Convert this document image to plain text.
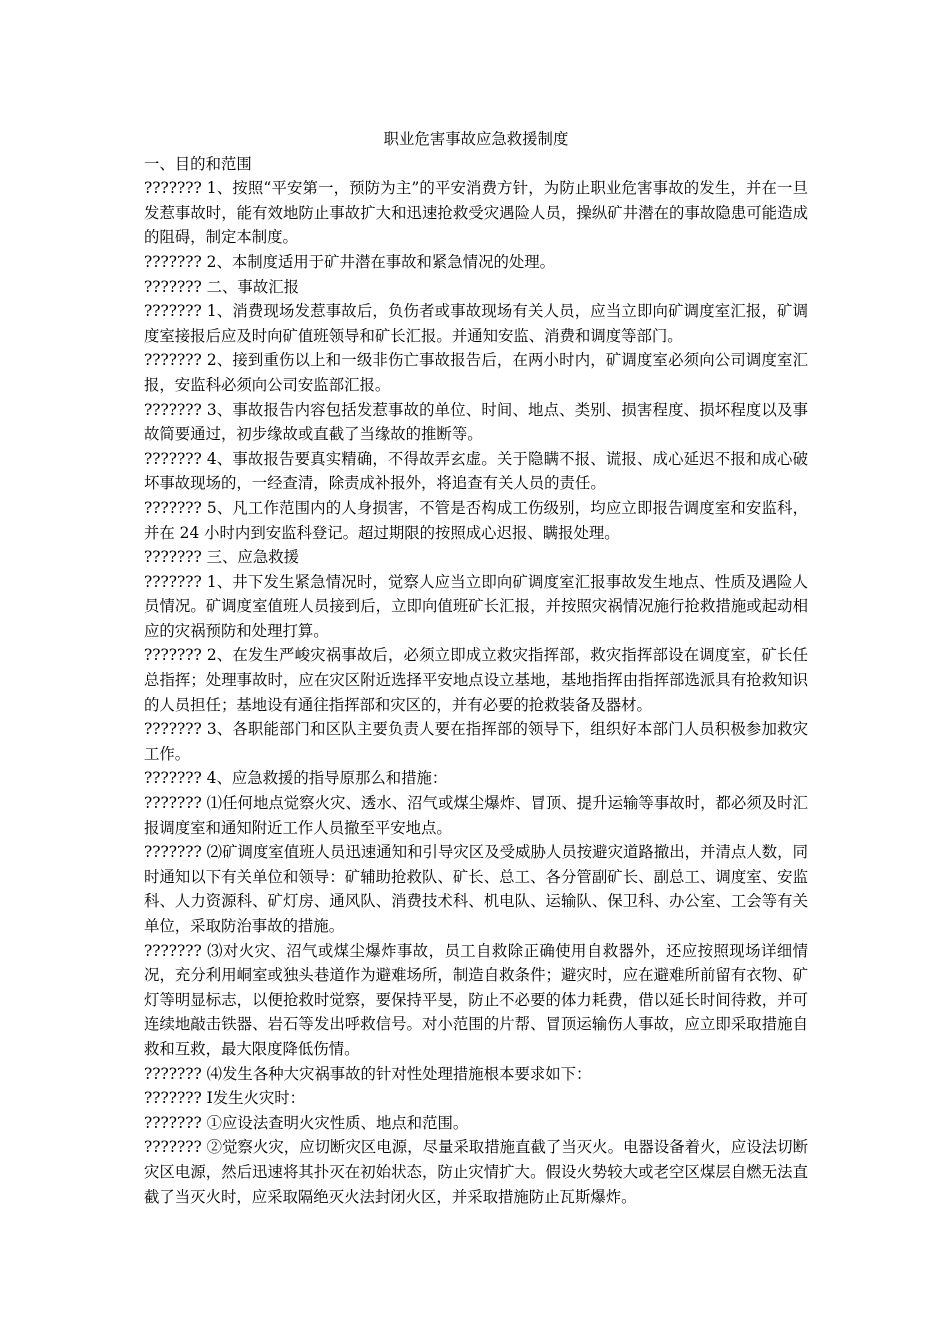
职业危害事故应急救援制度

一、目的和范围

??????? 1、按照“平安第一，预防为主”的平安消费方针，为防止职业危害事故的发生，并在一旦发惹事故时，能有效地防止事故扩大和迅速抢救受灾遇险人员，操纵矿井潜在的事故隐患可能造成的阻碍，制定本制度。

??????? 2、本制度适用于矿井潜在事故和紧急情况的处理。

??????? 二、事故汇报

??????? 1、消费现场发惹事故后，负伤者或事故现场有关人员，应当立即向矿调度室汇报，矿调度室接报后应及时向矿值班领导和矿长汇报。并通知安监、消费和调度等部门。

??????? 2、接到重伤以上和一级非伤亡事故报告后，在两小时内，矿调度室必须向公司调度室汇报，安监科必须向公司安监部汇报。

??????? 3、事故报告内容包括发惹事故的单位、时间、地点、类别、损害程度、损坏程度以及事故简要通过，初步缘故或直截了当缘故的推断等。

??????? 4、事故报告要真实精确，不得故弄玄虚。关于隐瞒不报、谎报、成心延迟不报和成心破坏事故现场的，一经查清，除责成补报外，将追查有关人员的责任。

??????? 5、凡工作范围内的人身损害，不管是否构成工伤级别，均应立即报告调度室和安监科，并在 24 小时内到安监科登记。超过期限的按照成心迟报、瞒报处理。

??????? 三、应急救援

??????? 1、井下发生紧急情况时，觉察人应当立即向矿调度室汇报事故发生地点、性质及遇险人员情况。矿调度室值班人员接到后，立即向值班矿长汇报，并按照灾祸情况施行抢救措施或起动相应的灾祸预防和处理打算。

??????? 2、在发生严峻灾祸事故后，必须立即成立救灾指挥部，救灾指挥部设在调度室，矿长任总指挥；处理事故时，应在灾区附近选择平安地点设立基地，基地指挥由指挥部选派具有抢救知识的人员担任；基地设有通往指挥部和灾区的，并有必要的抢救装备及器材。

??????? 3、各职能部门和区队主要负责人要在指挥部的领导下，组织好本部门人员积极参加救灾工作。

??????? 4、应急救援的指导原那么和措施：

??????? ⑴任何地点觉察火灾、透水、沼气或煤尘爆炸、冒顶、提升运输等事故时，都必须及时汇报调度室和通知附近工作人员撤至平安地点。

??????? ⑵矿调度室值班人员迅速通知和引导灾区及受威胁人员按避灾道路撤出，并清点人数，同时通知以下有关单位和领导：矿辅助抢救队、矿长、总工、各分管副矿长、副总工、调度室、安监科、人力资源科、矿灯房、通风队、消费技术科、机电队、运输队、保卫科、办公室、工会等有关单位，采取防治事故的措施。

??????? ⑶对火灾、沼气或煤尘爆炸事故，员工自救除正确使用自救器外，还应按照现场详细情况，充分利用峒室或独头巷道作为避难场所，制造自救条件；避灾时，应在避难所前留有衣物、矿灯等明显标志，以便抢救时觉察，要保持平旻，防止不必要的体力耗费，借以延长时间待救，并可连续地敲击铁器、岩石等发出呼救信号。对小范围的片帮、冒顶运输伤人事故，应立即采取措施自救和互救，最大限度降低伤情。

??????? ⑷发生各种大灾祸事故的针对性处理措施根本要求如下：

??????? Ⅰ发生火灾时：

??????? ①应设法查明火灾性质、地点和范围。

??????? ②觉察火灾，应切断灾区电源，尽量采取措施直截了当灭火。电器设备着火，应设法切断灾区电源，然后迅速将其扑灭在初始状态，防止灾情扩大。假设火势较大或老空区煤层自燃无法直截了当灭火时，应采取隔绝灭火法封闭火区，并采取措施防止瓦斯爆炸。
